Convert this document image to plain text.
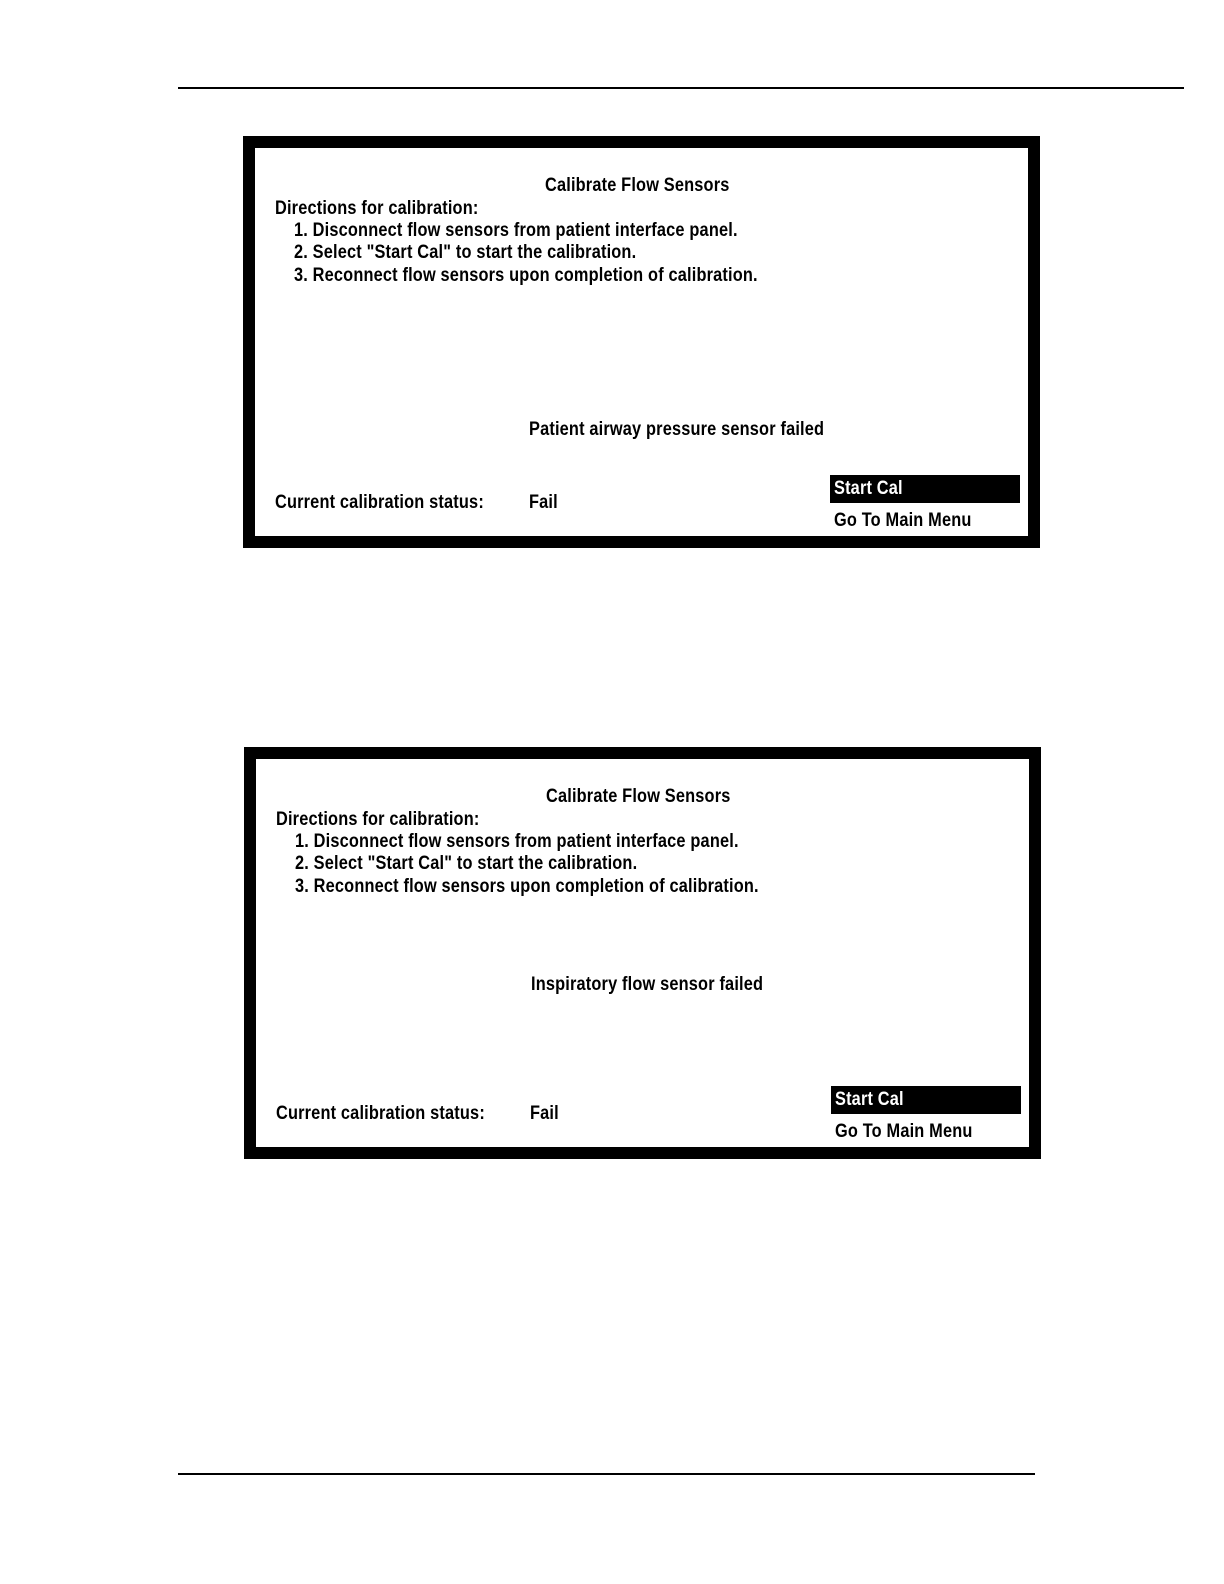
Calibrate Flow Sensors
Directions for calibration:
1. Disconnect flow sensors from patient interface panel.
2. Select "Start Cal" to start the calibration.
3. Reconnect flow sensors upon completion of calibration.
Patient airway pressure sensor failed
Current calibration status: Fail
Start Cal
Go To Main Menu
Calibrate Flow Sensors
Directions for calibration:
1. Disconnect flow sensors from patient interface panel.
2. Select "Start Cal" to start the calibration.
3. Reconnect flow sensors upon completion of calibration.
Inspiratory flow sensor failed
Current calibration status: Fail
Start Cal
Go To Main Menu
